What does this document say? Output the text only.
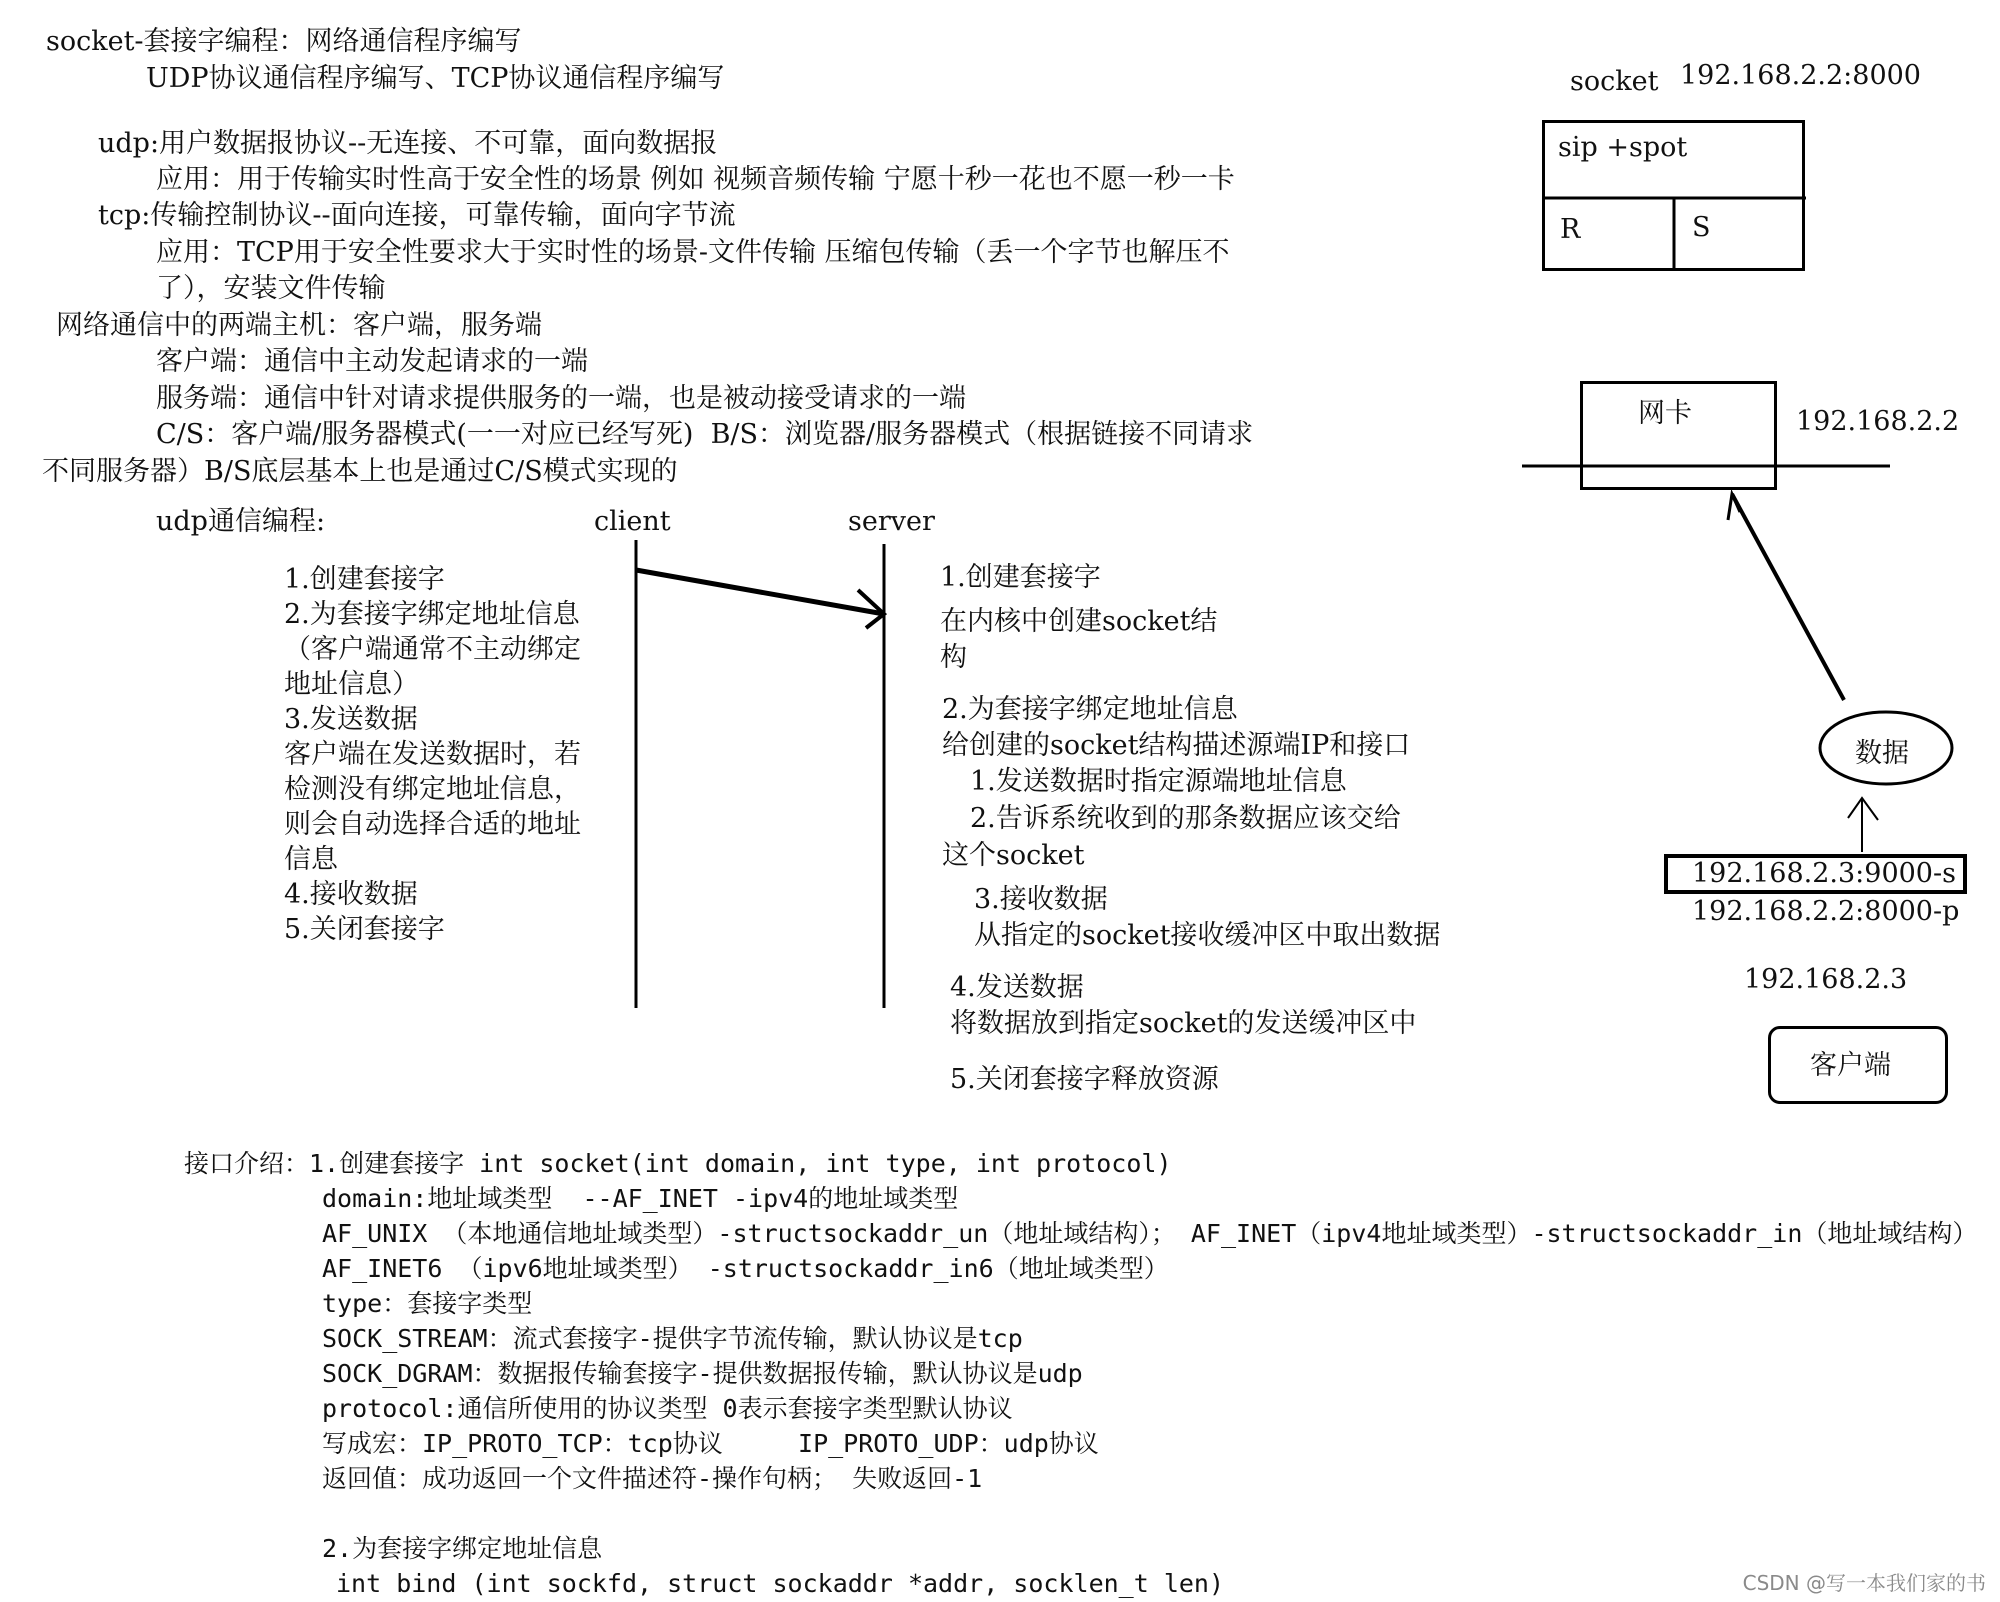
socket-套接字编程：网络通信程序编写
UDP协议通信程序编写、TCP协议通信程序编写
udp:用户数据报协议--无连接、不可靠，面向数据报
应用：用于传输实时性高于安全性的场景 例如 视频音频传输 宁愿十秒一花也不愿一秒一卡
tcp:传输控制协议--面向连接，可靠传输，面向字节流
应用：TCP用于安全性要求大于实时性的场景-文件传输 压缩包传输（丢一个字节也解压不
了），安装文件传输
网络通信中的两端主机：客户端，服务端
客户端：通信中主动发起请求的一端
服务端：通信中针对请求提供服务的一端，也是被动接受请求的一端
C/S：客户端/服务器模式(一一对应已经写死)  B/S：浏览器/服务器模式（根据链接不同请求
不同服务器）B/S底层基本上也是通过C/S模式实现的
udp通信编程:	client	server
1.创建套接字
2.为套接字绑定地址信息
（客户端通常不主动绑定
地址信息）
3.发送数据
客户端在发送数据时，若
检测没有绑定地址信息，
则会自动选择合适的地址
信息
4.接收数据
5.关闭套接字
1.创建套接字
在内核中创建socket结
构
2.为套接字绑定地址信息
给创建的socket结构描述源端IP和接口
1.发送数据时指定源端地址信息
2.告诉系统收到的那条数据应该交给
这个socket
3.接收数据
从指定的socket接收缓冲区中取出数据
4.发送数据
将数据放到指定socket的发送缓冲区中
5.关闭套接字释放资源
socket 192.168.2.2:8000
sip +spot
R	S
网卡	192.168.2.2
数据
192.168.2.3:9000-s
192.168.2.2:8000-p
192.168.2.3
客户端
接口介绍：1.创建套接字 int socket(int domain, int type, int protocol)
domain:地址域类型  --AF_INET -ipv4的地址域类型
AF_UNIX （本地通信地址域类型）-structsockaddr_un（地址域结构）； AF_INET（ipv4地址域类型）-structsockaddr_in（地址域结构）
AF_INET6 （ipv6地址域类型） -structsockaddr_in6（地址域类型）
type：套接字类型
SOCK_STREAM：流式套接字-提供字节流传输，默认协议是tcp
SOCK_DGRAM：数据报传输套接字-提供数据报传输，默认协议是udp
protocol:通信所使用的协议类型 0表示套接字类型默认协议
写成宏：IP_PROTO_TCP：tcp协议     IP_PROTO_UDP：udp协议
返回值：成功返回一个文件描述符-操作句柄； 失败返回-1
2.为套接字绑定地址信息
int bind (int sockfd, struct sockaddr *addr, socklen_t len)	CSDN @写一本我们家的书
